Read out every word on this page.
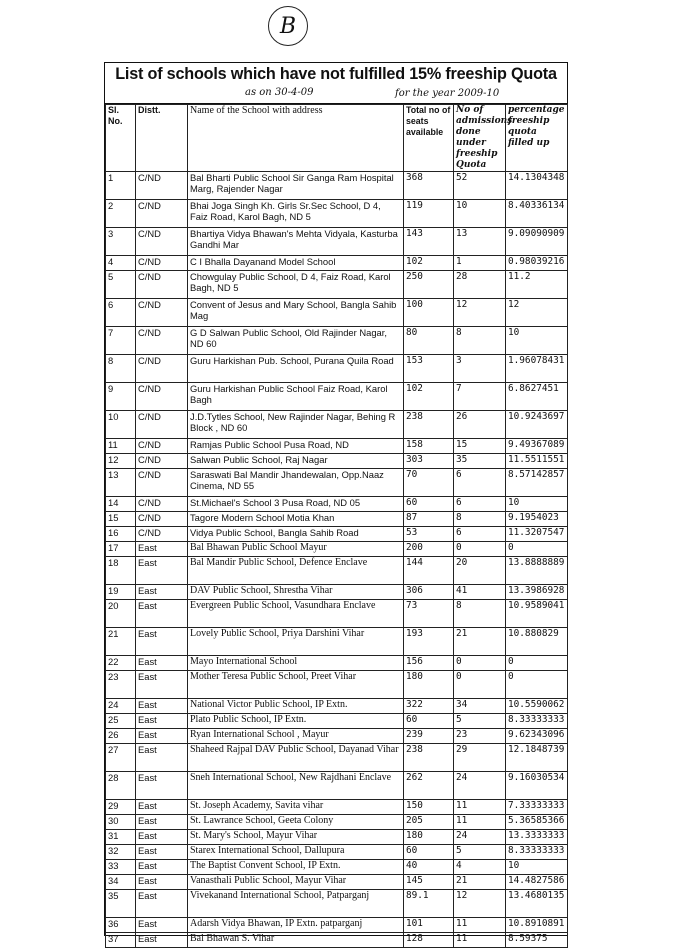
B
List of schools which have not fulfilled 15% freeship Quota
as on 30-4-09	for the year 2009-10
Sl. No.	Distt.	Name of the School with address	Total no of seats available	No of admissions done under freeship Quota	percentage freeship quota filled up
1	C/ND	Bal Bharti Public School Sir Ganga Ram Hospital Marg, Rajender Nagar	368	52	14.1304348
2	C/ND	Bhai Joga Singh Kh. Girls Sr.Sec School, D 4, Faiz Road, Karol Bagh, ND 5	119	10	8.40336134
3	C/ND	Bhartiya Vidya Bhawan's Mehta Vidyala, Kasturba Gandhi Mar	143	13	9.09090909
4	C/ND	C I Bhalla Dayanand Model School	102	1	0.98039216
5	C/ND	Chowgulay Public School, D 4, Faiz Road, Karol Bagh, ND 5	250	28	11.2
6	C/ND	Convent of Jesus and Mary School, Bangla Sahib Mag	100	12	12
7	C/ND	G D Salwan Public School, Old Rajinder Nagar, ND 60	80	8	10
8	C/ND	Guru Harkishan Pub. School, Purana Quila Road	153	3	1.96078431
9	C/ND	Guru Harkishan Public School Faiz Road, Karol Bagh	102	7	6.8627451
10	C/ND	J.D.Tytles School, New Rajinder Nagar, Behing R Block , ND 60	238	26	10.9243697
11	C/ND	Ramjas Public School Pusa Road, ND	158	15	9.49367089
12	C/ND	Salwan Public School, Raj Nagar	303	35	11.5511551
13	C/ND	Saraswati Bal Mandir Jhandewalan, Opp.Naaz Cinema, ND 55	70	6	8.57142857
14	C/ND	St.Michael's School 3 Pusa Road, ND 05	60	6	10
15	C/ND	Tagore Modern School Motia Khan	87	8	9.1954023
16	C/ND	Vidya Public School, Bangla Sahib Road	53	6	11.3207547
17	East	Bal Bhawan Public School Mayur	200	0	0
18	East	Bal Mandir Public School, Defence Enclave	144	20	13.8888889
19	East	DAV Public School, Shrestha Vihar	306	41	13.3986928
20	East	Evergreen Public School, Vasundhara Enclave	73	8	10.9589041
21	East	Lovely Public School, Priya Darshini Vihar	193	21	10.880829
22	East	Mayo International School	156	0	0
23	East	Mother Teresa Public School, Preet Vihar	180	0	0
24	East	National Victor Public School, IP Extn.	322	34	10.5590062
25	East	Plato Public School, IP Extn.	60	5	8.33333333
26	East	Ryan International School , Mayur	239	23	9.62343096
27	East	Shaheed Rajpal DAV Public School, Dayanad Vihar	238	29	12.1848739
28	East	Sneh International School, New Rajdhani Enclave	262	24	9.16030534
29	East	St. Joseph Academy, Savita vihar	150	11	7.33333333
30	East	St. Lawrance School, Geeta Colony	205	11	5.36585366
31	East	St. Mary's School, Mayur Vihar	180	24	13.3333333
32	East	Starex International School, Dallupura	60	5	8.33333333
33	East	The Baptist Convent School, IP Extn.	40	4	10
34	East	Vanasthali Public School, Mayur Vihar	145	21	14.4827586
35	East	Vivekanand International School, Patparganj	89.1	12	13.4680135
36	East	Adarsh Vidya Bhawan, IP Extn. patparganj	101	11	10.8910891
37	East	Bal Bhawan S. Vihar	128	11	8.59375
